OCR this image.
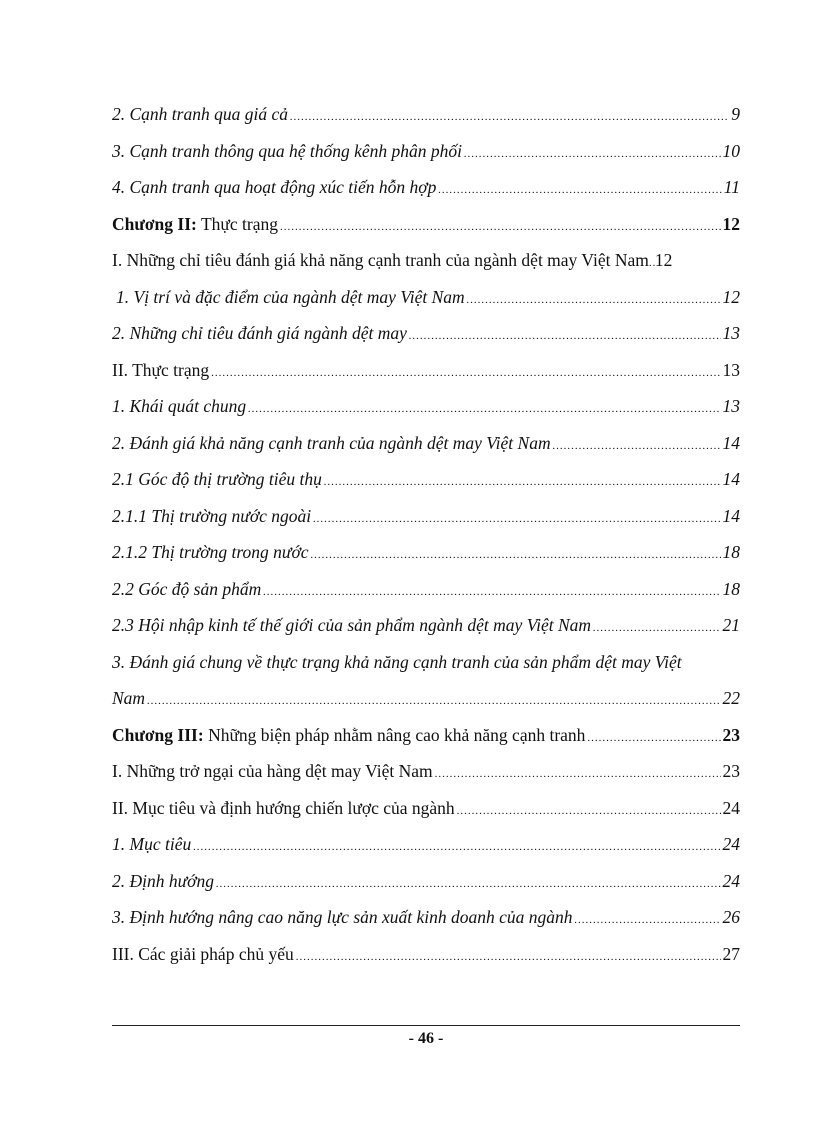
2. Cạnh tranh qua giá cả .....	9
3. Cạnh tranh thông qua hệ thống kênh phân phối .....	10
4. Cạnh tranh qua hoạt động xúc tiến hỗn hợp .....	11
Chương II: Thực trạng .....	12
I. Những chỉ tiêu đánh giá khả năng cạnh tranh của ngành dệt may Việt Nam ..... 12
1. Vị trí và đặc điểm của ngành dệt may Việt Nam .....	12
2. Những chỉ tiêu đánh giá ngành dệt may .....	13
II. Thực trạng .....	13
1. Khái quát chung .....	13
2. Đánh giá khả năng cạnh tranh của ngành dệt may Việt Nam .....	14
2.1 Góc độ thị trường tiêu thụ .....	14
2.1.1 Thị trường nước ngoài .....	14
2.1.2 Thị trường trong nước .....	18
2.2 Góc độ sản phẩm .....	18
2.3 Hội nhập kinh tế thế giới của sản phẩm ngành dệt may Việt Nam .....	21
3. Đánh giá chung về thực trạng khả năng cạnh tranh của sản phẩm dệt may Việt
Nam .....	22
Chương III: Những biện pháp nhằm nâng cao khả năng cạnh tranh .....	23
I. Những trở ngại của hàng dệt may Việt Nam .....	23
II. Mục tiêu và định hướng chiến lược của ngành .....	24
1. Mục tiêu .....	24
2. Định hướng .....	24
3. Định hướng nâng cao năng lực sản xuất kinh doanh của ngành .....	26
III. Các giải pháp chủ yếu .....	27
- 46 -
